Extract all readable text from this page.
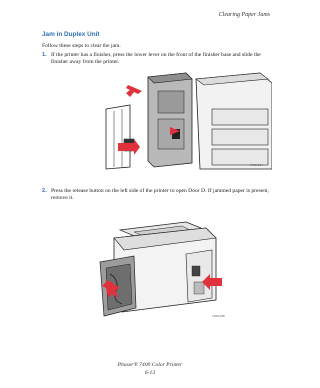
Clearing Paper Jams
Jam in Duplex Unit
Follow these steps to clear the jam.
1. If the printer has a finisher, press the lower lever on the front of the finisher base and slide the finisher away from the printer.
7400-034
2. Press the release button on the left side of the printer to open Door D. If jammed paper is present, remove it.
7400-035
Phaser® 7400 Color Printer
6-13
